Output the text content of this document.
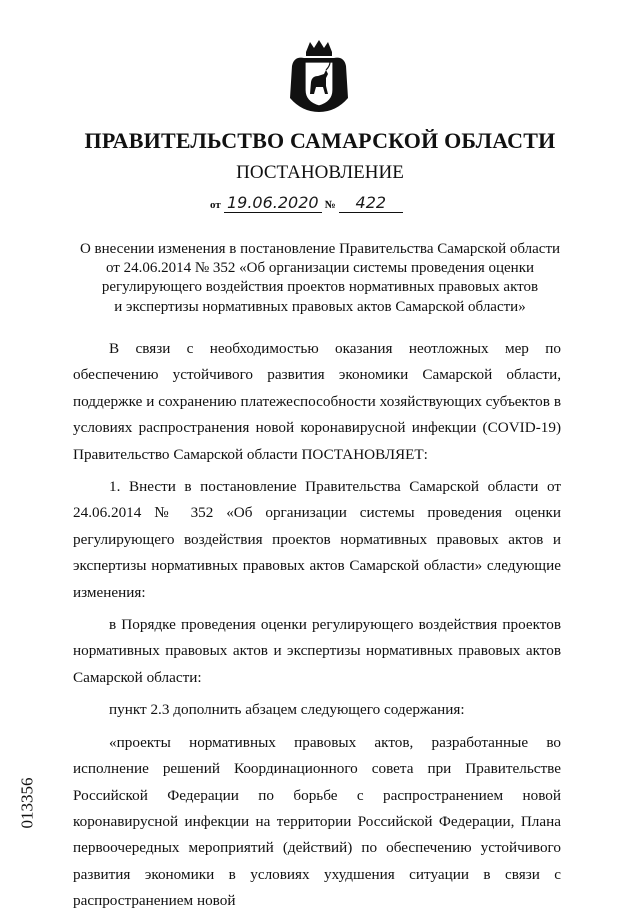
ПРАВИТЕЛЬСТВО САМАРСКОЙ ОБЛАСТИ
ПОСТАНОВЛЕНИЕ
от 19.06.2020 № 422
О внесении изменения в постановление Правительства Самарской области
от 24.06.2014 № 352 «Об организации системы проведения оценки
регулирующего воздействия проектов нормативных правовых актов
и экспертизы нормативных правовых актов Самарской области»

В связи с необходимостью оказания неотложных мер по обеспечению устойчивого развития экономики Самарской области, поддержке и сохранению платежеспособности хозяйствующих субъектов в условиях распространения новой коронавирусной инфекции (COVID-19) Правительство Самарской области ПОСТАНОВЛЯЕТ:

1. Внести в постановление Правительства Самарской области от 24.06.2014 № 352 «Об организации системы проведения оценки регулирующего воздействия проектов нормативных правовых актов и экспертизы нормативных правовых актов Самарской области» следующие изменения:

в Порядке проведения оценки регулирующего воздействия проектов нормативных правовых актов и экспертизы нормативных правовых актов Самарской области:

пункт 2.3 дополнить абзацем следующего содержания:

«проекты нормативных правовых актов, разработанные во исполнение решений Координационного совета при Правительстве Российской Федерации по борьбе с распространением новой коронавирусной инфекции на территории Российской Федерации, Плана первоочередных мероприятий (действий) по обеспечению устойчивого развития экономики в условиях ухудшения ситуации в связи с распространением новой

013356
